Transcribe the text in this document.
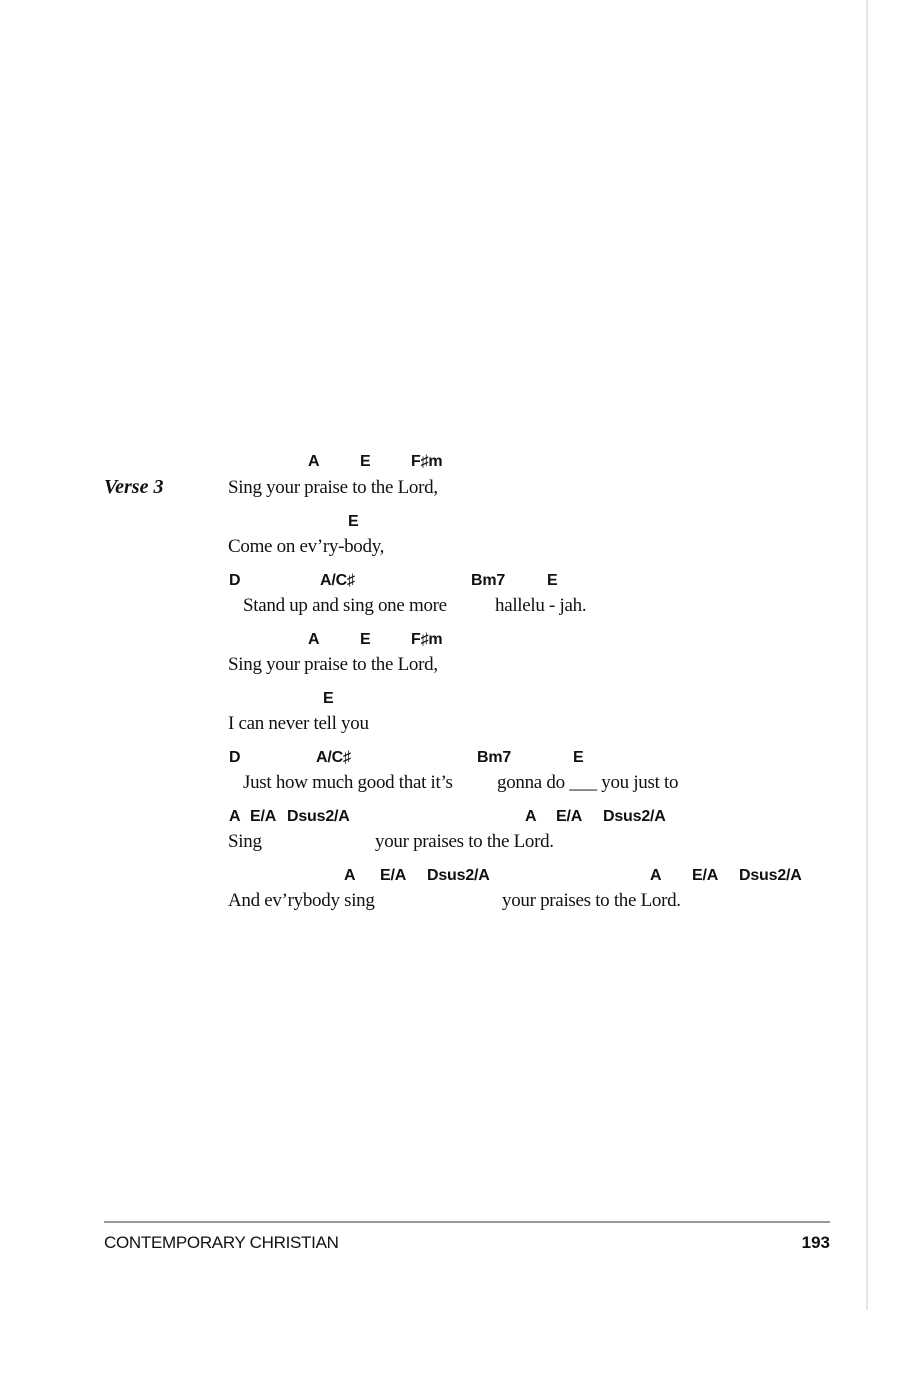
Verse 3
A	E	F♯m
Sing your praise to the Lord,
E
Come on ev’ry-body,
D	A/C♯	Bm7	E
Stand up and sing one more	hallelu - jah.
A	E	F♯m
Sing your praise to the Lord,
E
I can never tell you
D	A/C♯	Bm7	E
Just how much good that it’s gonna do ___ you just to
A E/A Dsus2/A	A E/A Dsus2/A
Sing	your praises to the Lord.
A E/A Dsus2/A	A E/A Dsus2/A
And ev’rybody sing	your praises to the Lord.
CONTEMPORARY CHRISTIAN	193
